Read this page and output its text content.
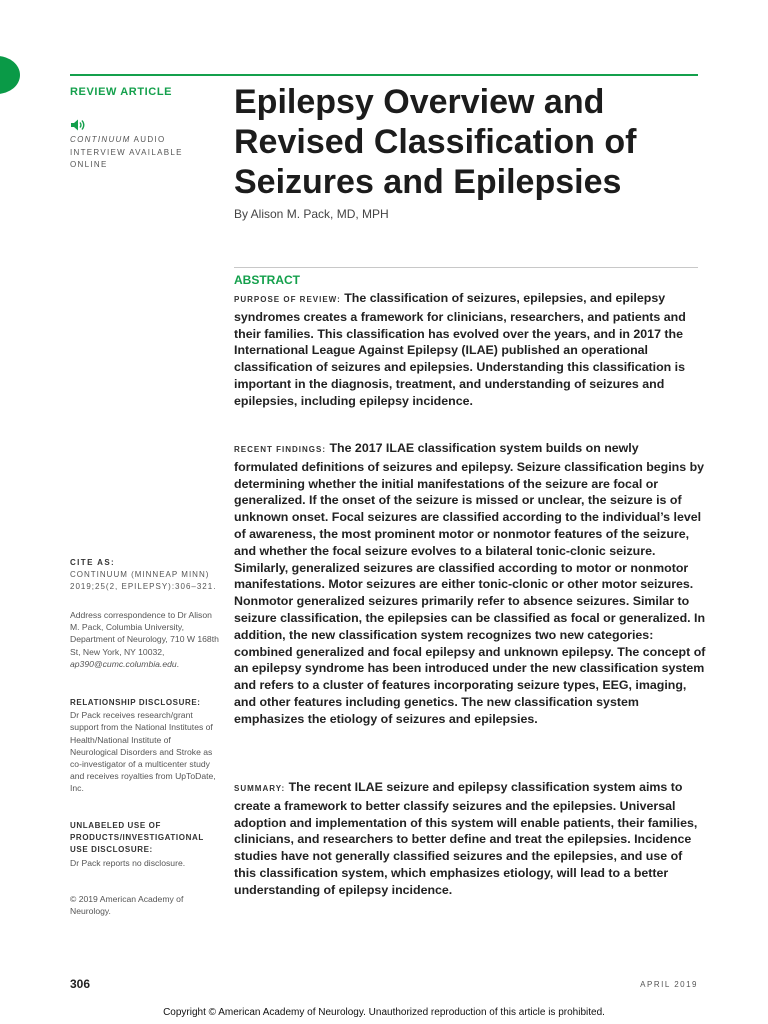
REVIEW ARTICLE
CONTINUUM AUDIO
INTERVIEW AVAILABLE
ONLINE
Epilepsy Overview and Revised Classification of Seizures and Epilepsies
By Alison M. Pack, MD, MPH
ABSTRACT

PURPOSE OF REVIEW: The classification of seizures, epilepsies, and epilepsy syndromes creates a framework for clinicians, researchers, and patients and their families. This classification has evolved over the years, and in 2017 the International League Against Epilepsy (ILAE) published an operational classification of seizures and epilepsies. Understanding this classification is important in the diagnosis, treatment, and understanding of seizures and epilepsies, including epilepsy incidence.

RECENT FINDINGS: The 2017 ILAE classification system builds on newly formulated definitions of seizures and epilepsy. Seizure classification begins by determining whether the initial manifestations of the seizure are focal or generalized. If the onset of the seizure is missed or unclear, the seizure is of unknown onset. Focal seizures are classified according to the individual’s level of awareness, the most prominent motor or nonmotor features of the seizure, and whether the focal seizure evolves to a bilateral tonic-clonic seizure. Similarly, generalized seizures are classified according to motor or nonmotor manifestations. Motor seizures are either tonic-clonic or other motor seizures. Nonmotor generalized seizures primarily refer to absence seizures. Similar to seizure classification, the epilepsies can be classified as focal or generalized. In addition, the new classification system recognizes two new categories: combined generalized and focal epilepsy and unknown epilepsy. The concept of an epilepsy syndrome has been introduced under the new classification system and refers to a cluster of features incorporating seizure types, EEG, imaging, and other features including genetics. The new classification system emphasizes the etiology of seizures and epilepsies.

SUMMARY: The recent ILAE seizure and epilepsy classification system aims to create a framework to better classify seizures and the epilepsies. Universal adoption and implementation of this system will enable patients, their families, clinicians, and researchers to better define and treat the epilepsies. Incidence studies have not generally classified seizures and the epilepsies, and use of this classification system, which emphasizes etiology, will lead to a better understanding of epilepsy incidence.

CITE AS:
CONTINUUM (MINNEAP MINN)
2019;25(2, EPILEPSY):306–321.
Address correspondence to Dr Alison M. Pack, Columbia University, Department of Neurology, 710 W 168th St, New York, NY 10032, ap390@cumc.columbia.edu.
RELATIONSHIP DISCLOSURE:
Dr Pack receives research/grant support from the National Institutes of Health/National Institute of Neurological Disorders and Stroke as co-investigator of a multicenter study and receives royalties from UpToDate, Inc.
UNLABELED USE OF PRODUCTS/INVESTIGATIONAL USE DISCLOSURE:
Dr Pack reports no disclosure.
© 2019 American Academy of Neurology.
306	APRIL 2019
Copyright © American Academy of Neurology. Unauthorized reproduction of this article is prohibited.
